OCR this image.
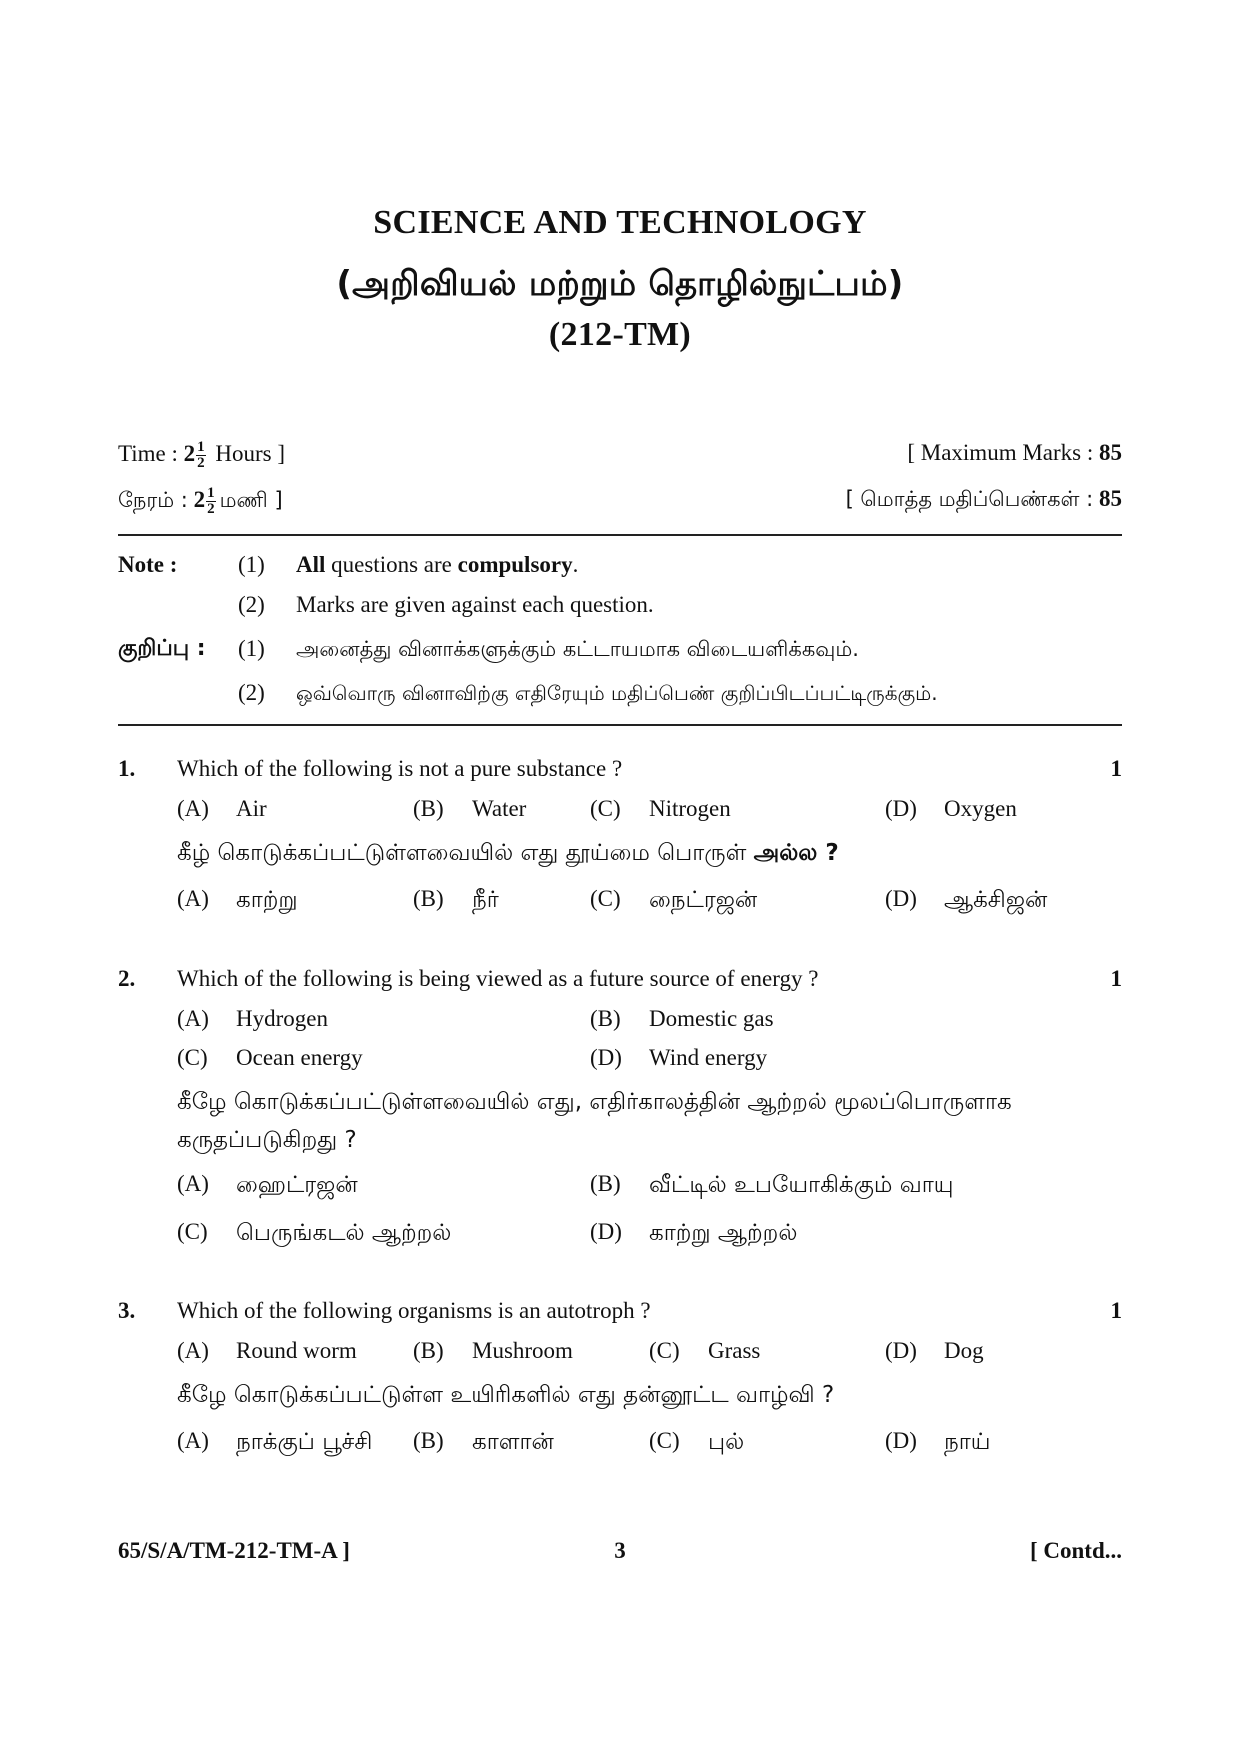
SCIENCE AND TECHNOLOGY
(அறிவியல் மற்றும் தொழில்நுட்பம்)
(212-TM)
Time : $2 \frac{1}{2}$ Hours ]	[ Maximum Marks : 85
நேரம் : $2 \frac{1}{2}$ மணி ]	[ மொத்த மதிப்பெண்கள் : 85
Note :	(1) All questions are compulsory.
(2) Marks are given against each question.
குறிப்பு : (1) அனைத்து வினாக்களுக்கும் கட்டாயமாக விடையளிக்கவும்.
(2) ஒவ்வொரு வினாவிற்கு எதிரேயும் மதிப்பெண் குறிப்பிடப்பட்டிருக்கும்.
1. Which of the following is not a pure substance ?	1
(A) Air	(B) Water	(C) Nitrogen	(D) Oxygen
கீழ் கொடுக்கப்பட்டுள்ளவையில் எது தூய்மை பொருள் அல்ல ?
(A) காற்று	(B) நீர்	(C) நைட்ரஜன்	(D) ஆக்சிஜன்
2. Which of the following is being viewed as a future source of energy ?	1
(A) Hydrogen	(B) Domestic gas
(C) Ocean energy	(D) Wind energy
கீழே கொடுக்கப்பட்டுள்ளவையில் எது, எதிர்காலத்தின் ஆற்றல் மூலப்பொருளாக
கருதப்படுகிறது ?
(A) ஹைட்ரஜன்	(B) வீட்டில் உபயோகிக்கும் வாயு
(C) பெருங்கடல் ஆற்றல்	(D) காற்று ஆற்றல்
3. Which of the following organisms is an autotroph ?	1
(A) Round worm (B) Mushroom	(C) Grass	(D) Dog
கீழே கொடுக்கப்பட்டுள்ள உயிரிகளில் எது தன்னூட்ட வாழ்வி ?
(A) நாக்குப் பூச்சி (B) காளான்	(C) புல்	(D) நாய்
65/S/A/TM-212-TM-A ]	3	[ Contd...
